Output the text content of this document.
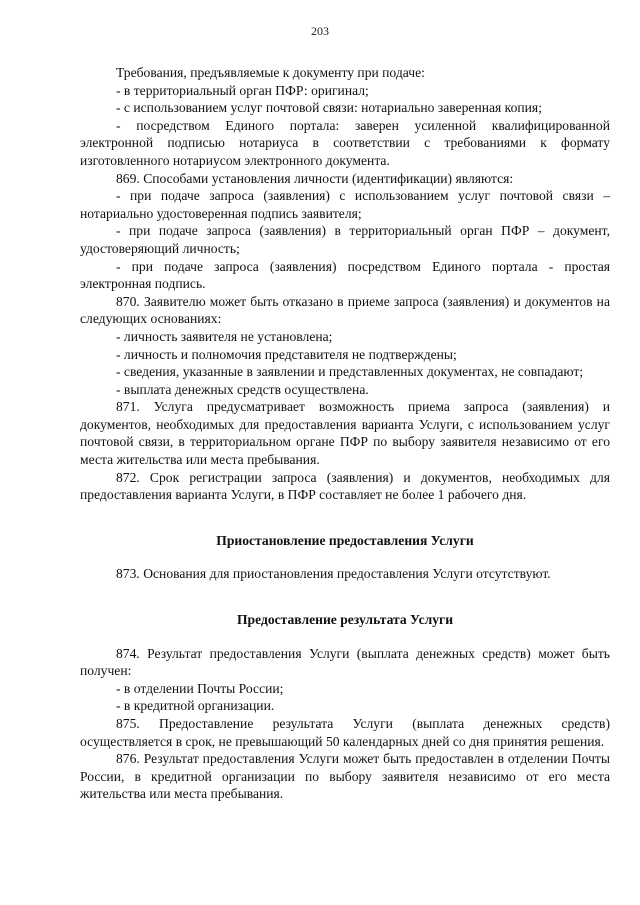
203

Требования, предъявляемые к документу при подаче:

- в территориальный орган ПФР: оригинал;

- с использованием услуг почтовой связи: нотариально заверенная копия;

- посредством Единого портала: заверен усиленной квалифицированной электронной подписью нотариуса в соответствии с требованиями к формату изготовленного нотариусом электронного документа.

869. Способами установления личности (идентификации) являются:

- при подаче запроса (заявления) с использованием услуг почтовой связи – нотариально удостоверенная подпись заявителя;

- при подаче запроса (заявления) в территориальный орган ПФР – документ, удостоверяющий личность;

- при подаче запроса (заявления) посредством Единого портала - простая электронная подпись.

870. Заявителю может быть отказано в приеме запроса (заявления) и документов на следующих основаниях:

- личность заявителя не установлена;

- личность и полномочия представителя не подтверждены;

- сведения, указанные в заявлении и представленных документах, не совпадают;

- выплата денежных средств осуществлена.

871. Услуга предусматривает возможность приема запроса (заявления) и документов, необходимых для предоставления варианта Услуги, с использованием услуг почтовой связи, в территориальном органе ПФР по выбору заявителя независимо от его места жительства или места пребывания.

872. Срок регистрации запроса (заявления) и документов, необходимых для предоставления варианта Услуги, в ПФР составляет не более 1 рабочего дня.

Приостановление предоставления Услуги

873. Основания для приостановления предоставления Услуги отсутствуют.

Предоставление результата Услуги

874. Результат предоставления Услуги (выплата денежных средств) может быть получен:

- в отделении Почты России;

- в кредитной организации.

875. Предоставление результата Услуги (выплата денежных средств) осуществляется в срок, не превышающий 50 календарных дней со дня принятия решения.

876. Результат предоставления Услуги может быть предоставлен в отделении Почты России, в кредитной организации по выбору заявителя независимо от его места жительства или места пребывания.
